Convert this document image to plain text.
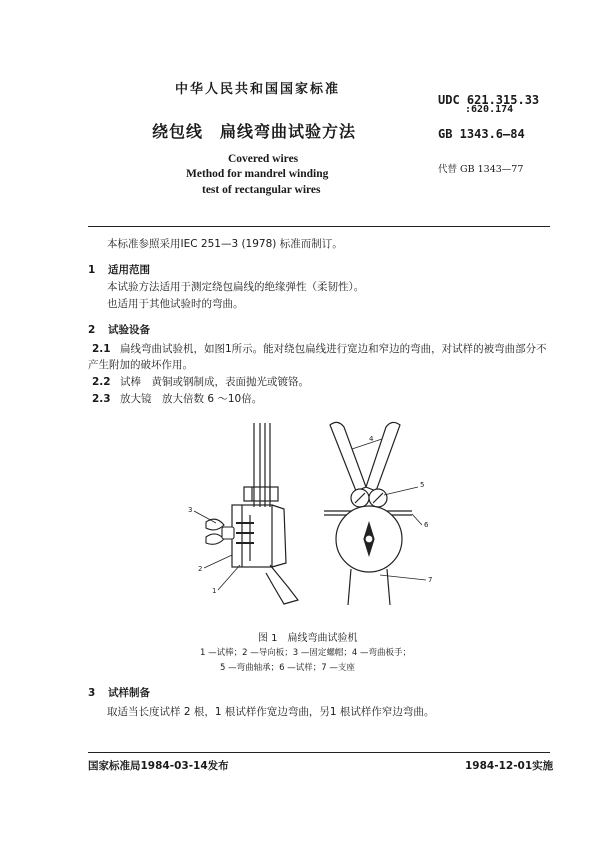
中华人民共和国国家标准
绕包线　扁线弯曲试验方法
UDC 621.315.33
:620.174
GB 1343.6—84
代替 GB 1343—77
Covered wires
Method for mandrel winding
test of rectangular wires
本标准参照采用IEC 251—3 (1978) 标准而制订。
1 适用范围
本试验方法适用于测定绕包扁线的绝缘弹性（柔韧性）。
也适用于其他试验时的弯曲。
2 试验设备
2.1 扁线弯曲试验机，如图1所示。能对绕包扁线进行宽边和窄边的弯曲，对试样的被弯曲部分不
产生附加的破坏作用。
2.2 试棒　黄铜或钢制成，表面抛光或镀铬。
2.3 放大镜　放大倍数 6 ～10倍。
3
2
1
4
5
6
7
图 1　扁线弯曲试验机
1 —试棒；2 —导向板；3 —固定螺帽；4 —弯曲板手；
5 —弯曲轴承；6 —试样；7 —支座
3 试样制备
取适当长度试样 2 根，1 根试样作宽边弯曲，另1 根试样作窄边弯曲。
国家标准局1984-03-14发布	1984-12-01实施
